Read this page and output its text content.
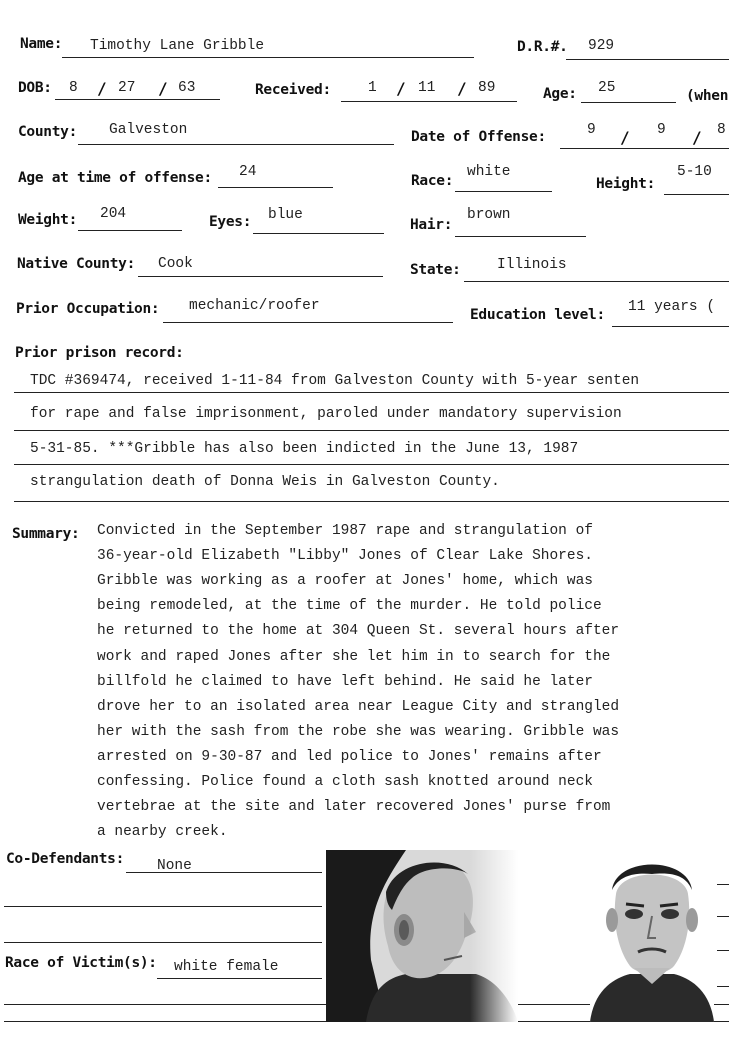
Name: Timothy Lane Gribble	D.R.#. 929
DOB: 8 / 27 / 63	Received:	1 / 11 / 89	Age: 25	(when
County: Galveston	Date of Offense:	9 / 9 / 8
Age at time of offense: 24
Race:
white
Height:
5-10
Weight: 204	Eyes: blue
Hair:
brown
Native County: Cook	State:	Illinois
Prior Occupation: mechanic/roofer
Education level: 11 years (
Prior prison record:
TDC #369474, received 1-11-84 from Galveston County with 5-year senten
for rape and false imprisonment, paroled under mandatory supervision
5-31-85. ***Gribble has also been indicted in the June 13, 1987
strangulation death of Donna Weis in Galveston County.
Summary: Convicted in the September 1987 rape and strangulation of
36-year-old Elizabeth "Libby" Jones of Clear Lake Shores.
Gribble was working as a roofer at Jones' home, which was
being remodeled, at the time of the murder. He told police
he returned to the home at 304 Queen St. several hours after
work and raped Jones after she let him in to search for the
billfold he claimed to have left behind. He said he later
drove her to an isolated area near League City and strangled
her with the sash from the robe she was wearing. Gribble was
arrested on 9-30-87 and led police to Jones' remains after
confessing. Police found a cloth sash knotted around neck
vertebrae at the site and later recovered Jones' purse from
a nearby creek.
Co-Defendants: None
Race of Victim(s): white female
